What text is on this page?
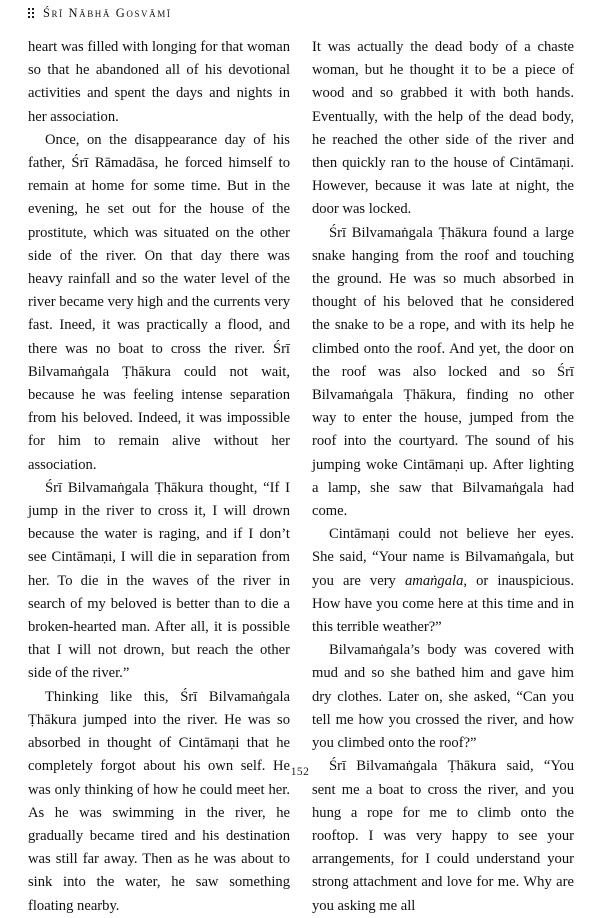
Śrī Nābhā Gosvāmī

heart was filled with longing for that woman so that he abandoned all of his devotional activities and spent the days and nights in her association.

Once, on the disappearance day of his father, Śrī Rāmadāsa, he forced himself to remain at home for some time. But in the evening, he set out for the house of the prostitute, which was situated on the other side of the river. On that day there was heavy rainfall and so the water level of the river became very high and the currents very fast. Ineed, it was practically a flood, and there was no boat to cross the river. Śrī Bilvamaṅgala Ṭhākura could not wait, because he was feeling intense separation from his beloved. Indeed, it was impossible for him to remain alive without her association.

Śrī Bilvamaṅgala Ṭhākura thought, “If I jump in the river to cross it, I will drown because the water is raging, and if I don’t see Cintāmaṇi, I will die in separation from her. To die in the waves of the river in search of my beloved is better than to die a broken-hearted man. After all, it is possible that I will not drown, but reach the other side of the river.”

Thinking like this, Śrī Bilvamaṅgala Ṭhākura jumped into the river. He was so absorbed in thought of Cintāmaṇi that he completely forgot about his own self. He was only thinking of how he could meet her. As he was swimming in the river, he gradually became tired and his destination was still far away. Then as he was about to sink into the water, he saw something floating nearby.

It was actually the dead body of a chaste woman, but he thought it to be a piece of wood and so grabbed it with both hands. Eventually, with the help of the dead body, he reached the other side of the river and then quickly ran to the house of Cintāmaṇi. However, because it was late at night, the door was locked.

Śrī Bilvamaṅgala Ṭhākura found a large snake hanging from the roof and touching the ground. He was so much absorbed in thought of his beloved that he considered the snake to be a rope, and with its help he climbed onto the roof. And yet, the door on the roof was also locked and so Śrī Bilvamaṅgala Ṭhākura, finding no other way to enter the house, jumped from the roof into the courtyard. The sound of his jumping woke Cintāmaṇi up. After lighting a lamp, she saw that Bilvamaṅgala had come.

Cintāmaṇi could not believe her eyes. She said, “Your name is Bilvamaṅgala, but you are very amaṅgala, or inauspicious. How have you come here at this time and in this terrible weather?”

Bilvamaṅgala’s body was covered with mud and so she bathed him and gave him dry clothes. Later on, she asked, “Can you tell me how you crossed the river, and how you climbed onto the roof?”

Śrī Bilvamaṅgala Ṭhākura said, “You sent me a boat to cross the river, and you hung a rope for me to climb onto the rooftop. I was very happy to see your arrangements, for I could understand your strong attachment and love for me. Why are you asking me all

152
